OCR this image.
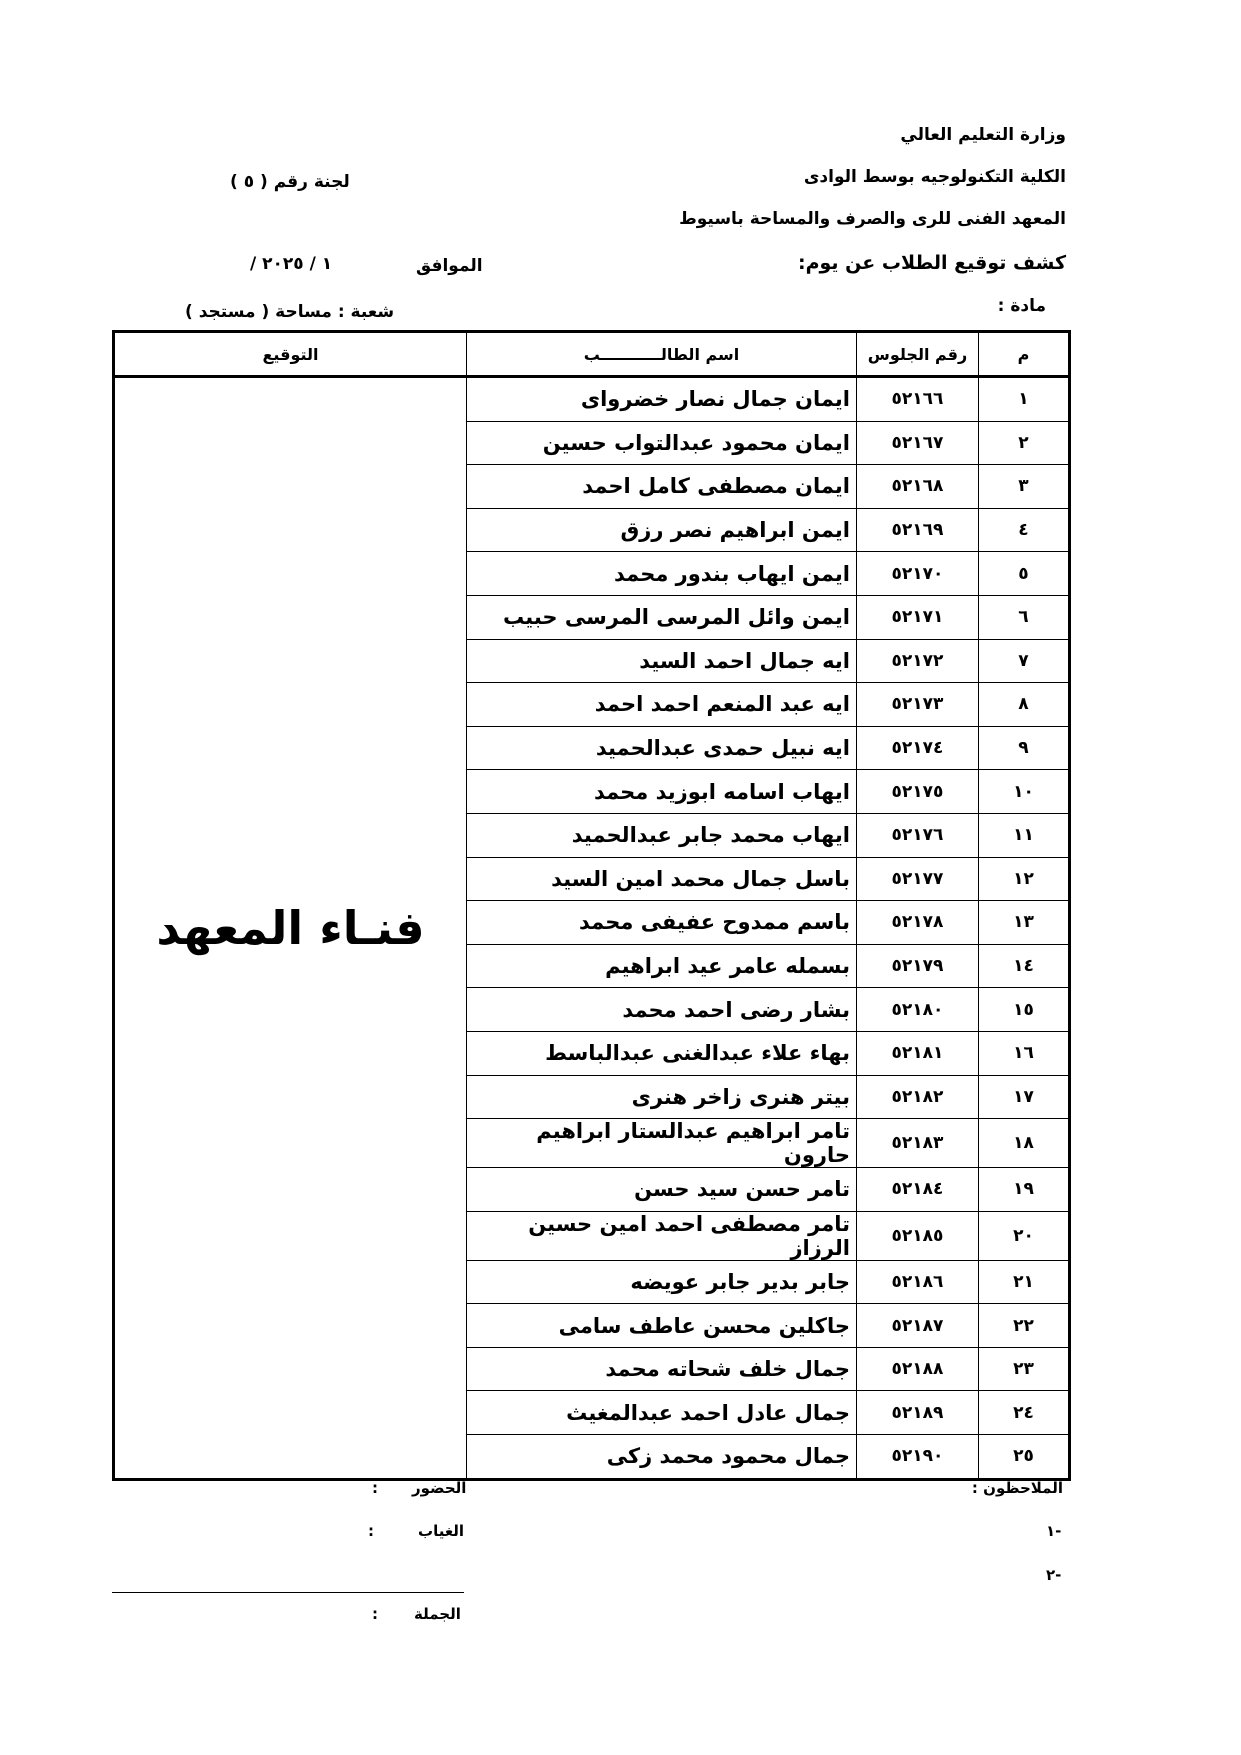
وزارة التعليم العالي
الكلية التكنولوجيه بوسط الوادى
المعهد الفنى للرى والصرف والمساحة باسيوط
كشف توقيع الطلاب عن يوم:
مادة :
لجنة رقم ( ٥ )
الموافق
/ ١ / ٢٠٢٥
شعبة : مساحة ( مستجد )
م	رقم الجلوس	اسم الطالـــــــــــب	التوقيع
١	٥٢١٦٦	ايمان جمال نصار خضرواى	فنـاء المعهد
٢	٥٢١٦٧	ايمان محمود عبدالتواب حسين	
٣	٥٢١٦٨	ايمان مصطفى كامل احمد	
٤	٥٢١٦٩	ايمن ابراهيم نصر رزق	
٥	٥٢١٧٠	ايمن ايهاب بندور محمد	
٦	٥٢١٧١	ايمن وائل المرسى المرسى حبيب	
٧	٥٢١٧٢	ايه جمال احمد السيد	
٨	٥٢١٧٣	ايه عبد المنعم احمد احمد	
٩	٥٢١٧٤	ايه نبيل حمدى عبدالحميد	
١٠	٥٢١٧٥	ايهاب اسامه ابوزيد محمد	
١١	٥٢١٧٦	ايهاب محمد جابر عبدالحميد	
١٢	٥٢١٧٧	باسل جمال محمد امين السيد	
١٣	٥٢١٧٨	باسم ممدوح عفيفى محمد	
١٤	٥٢١٧٩	بسمله عامر عيد ابراهيم	
١٥	٥٢١٨٠	بشار رضى احمد محمد	
١٦	٥٢١٨١	بهاء علاء عبدالغنى عبدالباسط	
١٧	٥٢١٨٢	بيتر هنرى زاخر هنرى	
١٨	٥٢١٨٣	تامر ابراهيم عبدالستار ابراهيم حارون	
١٩	٥٢١٨٤	تامر حسن سيد حسن	
٢٠	٥٢١٨٥	تامر مصطفى احمد امين حسين الرزاز	
٢١	٥٢١٨٦	جابر بدير جابر عويضه	
٢٢	٥٢١٨٧	جاكلين محسن عاطف سامى	
٢٣	٥٢١٨٨	جمال خلف شحاته محمد	
٢٤	٥٢١٨٩	جمال عادل احمد عبدالمغيث	
٢٥	٥٢١٩٠	جمال محمود محمد زكى	
الملاحظون :
١-
٢-
الحضور
:
الغياب
:
الجملة
:
